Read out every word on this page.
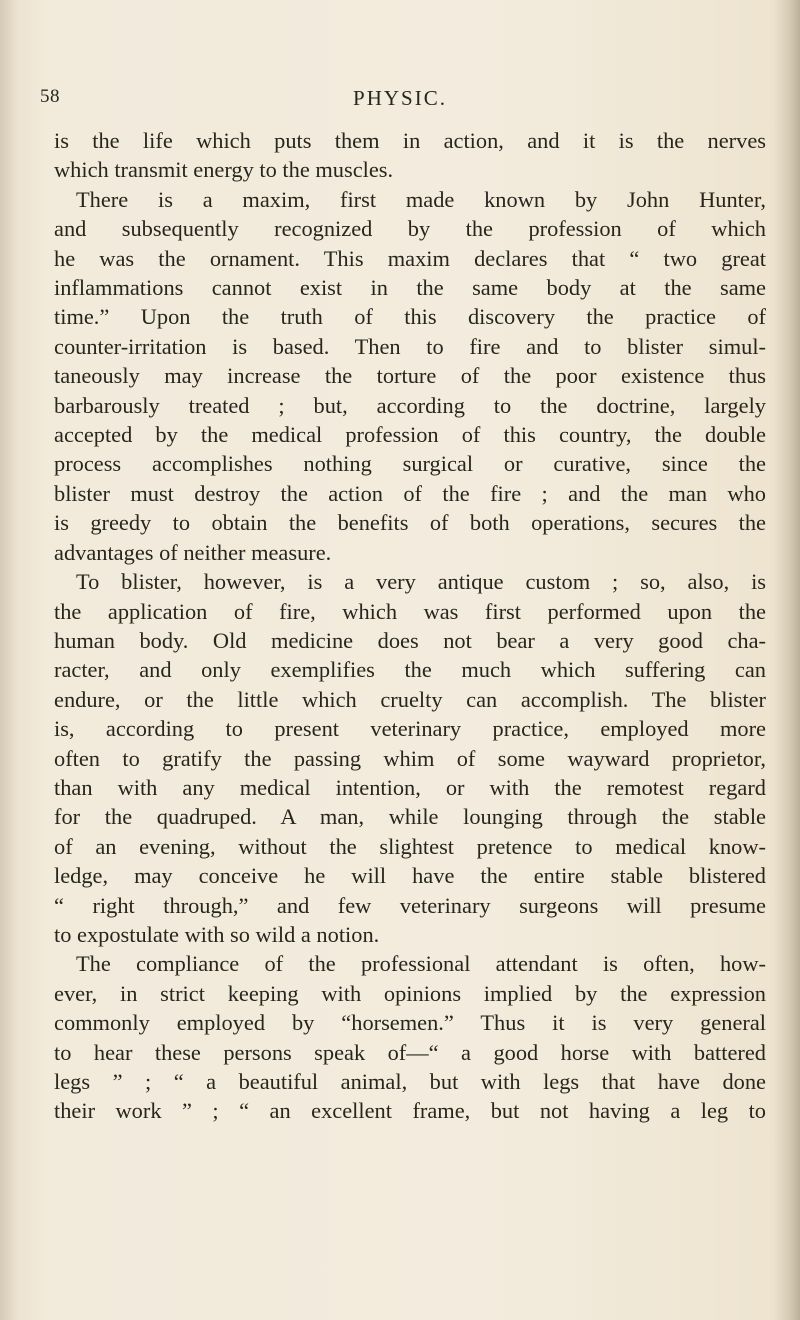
58	PHYSIC.
is the life which puts them in action, and it is the nerves
which transmit energy to the muscles.
There is a maxim, first made known by John Hunter,
and subsequently recognized by the profession of which
he was the ornament. This maxim declares that “ two great
inflammations cannot exist in the same body at the same
time.” Upon the truth of this discovery the practice of
counter-irritation is based. Then to fire and to blister simul-
taneously may increase the torture of the poor existence thus
barbarously treated ; but, according to the doctrine, largely
accepted by the medical profession of this country, the double
process accomplishes nothing surgical or curative, since the
blister must destroy the action of the fire ; and the man who
is greedy to obtain the benefits of both operations, secures the
advantages of neither measure.
To blister, however, is a very antique custom ; so, also, is
the application of fire, which was first performed upon the
human body. Old medicine does not bear a very good cha-
racter, and only exemplifies the much which suffering can
endure, or the little which cruelty can accomplish. The blister
is, according to present veterinary practice, employed more
often to gratify the passing whim of some wayward proprietor,
than with any medical intention, or with the remotest regard
for the quadruped. A man, while lounging through the stable
of an evening, without the slightest pretence to medical know-
ledge, may conceive he will have the entire stable blistered
“ right through,” and few veterinary surgeons will presume
to expostulate with so wild a notion.
The compliance of the professional attendant is often, how-
ever, in strict keeping with opinions implied by the expression
commonly employed by “horsemen.” Thus it is very general
to hear these persons speak of—“ a good horse with battered
legs ” ; “ a beautiful animal, but with legs that have done
their work ” ; “ an excellent frame, but not having a leg to
